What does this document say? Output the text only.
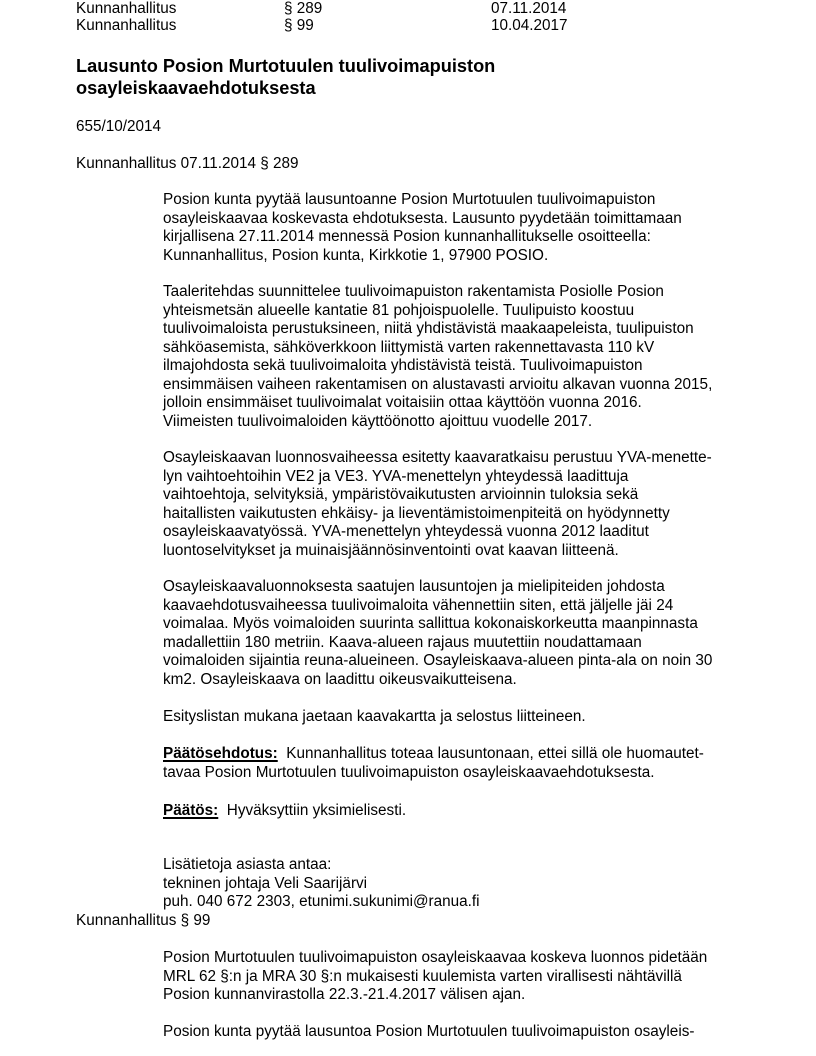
Kunnanhallitus	§ 289	07.11.2014
Kunnanhallitus	§ 99	10.04.2017
Lausunto Posion Murtotuulen tuulivoimapuiston
osayleiskaavaehdotuksesta
655/10/2014
Kunnanhallitus 07.11.2014 § 289
Posion kunta pyytää lausuntoanne Posion Murtotuulen tuulivoimapuiston
osayleiskaavaa koskevasta ehdotuksesta. Lausunto pyydetään toimittamaan
kirjallisena 27.11.2014 mennessä Posion kunnanhallitukselle osoitteella:
Kunnanhallitus, Posion kunta, Kirkkotie 1, 97900 POSIO.
Taaleritehdas suunnittelee tuulivoimapuiston rakentamista Posiolle Posion
yhteismetsän alueelle kantatie 81 pohjoispuolelle. Tuulipuisto koostuu
tuulivoimaloista perustuksineen, niitä yhdistävistä maakaapeleista, tuulipuiston
sähköasemista, sähköverkkoon liittymistä varten rakennettavasta 110 kV
ilmajohdosta sekä tuulivoimaloita yhdistävistä teistä. Tuulivoimapuiston
ensimmäisen vaiheen rakentamisen on alustavasti arvioitu alkavan vuonna 2015,
jolloin ensimmäiset tuulivoimalat voitaisiin ottaa käyttöön vuonna 2016.
Viimeisten tuulivoimaloiden käyttöönotto ajoittuu vuodelle 2017.
Osayleiskaavan luonnosvaiheessa esitetty kaavaratkaisu perustuu YVA-menette-
lyn vaihtoehtoihin VE2 ja VE3. YVA-menettelyn yhteydessä laadittuja
vaihtoehtoja, selvityksiä, ympäristövaikutusten arvioinnin tuloksia sekä
haitallisten vaikutusten ehkäisy- ja lieventämistoimenpiteitä on hyödynnetty
osayleiskaavatyössä. YVA-menettelyn yhteydessä vuonna 2012 laaditut
luontoselvitykset ja muinaisjäännösinventointi ovat kaavan liitteenä.
Osayleiskaavaluonnoksesta saatujen lausuntojen ja mielipiteiden johdosta
kaavaehdotusvaiheessa tuulivoimaloita vähennettiin siten, että jäljelle jäi 24
voimalaa. Myös voimaloiden suurinta sallittua kokonaiskorkeutta maanpinnasta
madallettiin 180 metriin. Kaava-alueen rajaus muutettiin noudattamaan
voimaloiden sijaintia reuna-alueineen. Osayleiskaava-alueen pinta-ala on noin 30
km2. Osayleiskaava on laadittu oikeusvaikutteisena.
Esityslistan mukana jaetaan kaavakartta ja selostus liitteineen.
Päätösehdotus: Kunnanhallitus toteaa lausuntonaan, ettei sillä ole huomautet-
tavaa Posion Murtotuulen tuulivoimapuiston osayleiskaavaehdotuksesta.
Päätös: Hyväksyttiin yksimielisesti.
Lisätietoja asiasta antaa:
tekninen johtaja Veli Saarijärvi
puh. 040 672 2303, etunimi.sukunimi@ranua.fi
Kunnanhallitus § 99
Posion Murtotuulen tuulivoimapuiston osayleiskaavaa koskeva luonnos pidetään
MRL 62 §:n ja MRA 30 §:n mukaisesti kuulemista varten virallisesti nähtävillä
Posion kunnanvirastolla 22.3.-21.4.2017 välisen ajan.
Posion kunta pyytää lausuntoa Posion Murtotuulen tuulivoimapuiston osayleis-
